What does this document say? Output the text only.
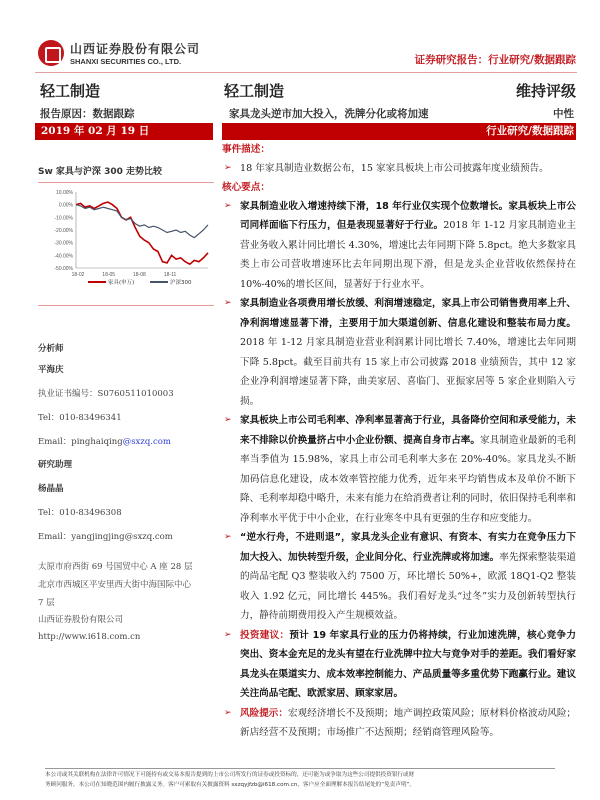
山西证券股份有限公司
SHANXI SECURITIES CO., LTD.	证券研究报告：行业研究/数据跟踪
轻工制造
报告原因：数据跟踪
2019 年 02 月 19 日
轻工制造	维持评级
家具龙头逆市加大投入，洗牌分化或将加速	中性
行业研究/数据跟踪
Sw 家具与沪深 300 走势比较
10.00%
0.00%
-10.00%
-20.00%
-30.00%
-40.00%
-50.00%
18-02	18-05	18-08	18-11
家具(申万)	沪深300
分析师
平海庆
执业证书编号：S0760511010003
Tel：010-83496341
Email：pinghaiqing@sxzq.com
研究助理
杨晶晶
Tel：010-83496308
Email：yangjingjing@sxzq.com
太原市府西街 69 号国贸中心 A 座 28 层
北京市西城区平安里西大街中海国际中心
7 层
山西证券股份有限公司
http://www.i618.com.cn
事件描述：
➢ 18 年家具制造业数据公布，15 家家具板块上市公司披露年度业绩预告。
核心要点：
➢ 家具制造业收入增速持续下滑，18 年行业仅实现个位数增长。家具板块上市公司同样面临下行压力，但是表现显著好于行业。2018 年 1-12 月家具制造业主营业务收入累计同比增长 4.30%，增速比去年同期下降 5.8pct。绝大多数家具类上市公司营收增速环比去年同期出现下滑，但是龙头企业营收依然保持在 10%-40%的增长区间，显著好于行业水平。
➢ 家具制造业各项费用增长放缓、利润增速稳定，家具上市公司销售费用率上升、净利润增速显著下滑，主要用于加大渠道创新、信息化建设和整装布局力度。2018 年 1-12 月家具制造业营业利润累计同比增长 7.40%，增速比去年同期下降 5.8pct。截至目前共有 15 家上市公司披露 2018 业绩预告，其中 12 家企业净利润增速显著下降，曲美家居、喜临门、亚振家居等 5 家企业则陷入亏损。
➢ 家具板块上市公司毛利率、净利率显著高于行业，具备降价空间和承受能力，未来不排除以价换量挤占中小企业份额、提高自身市占率。家具制造业最新的毛利率当季值为 15.98%，家具上市公司毛利率大多在 20%-40%。家具龙头不断加码信息化建设，成本效率管控能力优秀，近年来平均销售成本及单价不断下降、毛利率却稳中略升，未来有能力在给消费者让利的同时，依旧保持毛利率和净利率水平优于中小企业，在行业寒冬中具有更强的生存和应变能力。
➢ “逆水行舟，不进则退”，家具龙头企业有意识、有资本、有实力在竞争压力下加大投入、加快转型升级，企业间分化、行业洗牌或将加速。率先探索整装渠道的尚品宅配 Q3 整装收入约 7500 万，环比增长 50%+，欧派 18Q1-Q2 整装收入 1.92 亿元，同比增长 445%。我们看好龙头“过冬”实力及创新转型执行力，静待前期费用投入产生规模效益。
➢ 投资建议：预计 19 年家具行业的压力仍将持续，行业加速洗牌，核心竞争力突出、资本金充足的龙头有望在行业洗牌中拉大与竞争对手的差距。我们看好家具龙头在渠道实力、成本效率控制能力、产品质量等多重优势下跑赢行业。建议关注尚品宅配、欧派家居、顾家家居。
➢ 风险提示：宏观经济增长不及预期；地产调控政策风险；原材料价格波动风险；新店经营不及预期；市场推广不达预期；经销商管理风险等。
本公司或其关联机构在法律许可情况下可能持有或交易本报告提到的上市公司所发行的证券或投资标的，还可能为或争取为这些公司提供投资银行或财
务顾问服务。本公司在知晓范围内履行披露义务。客户可索取有关披露资料 sxzqyjfzb@i618.com.cn，客户应全面理解本报告结尾处的“免责声明”。
